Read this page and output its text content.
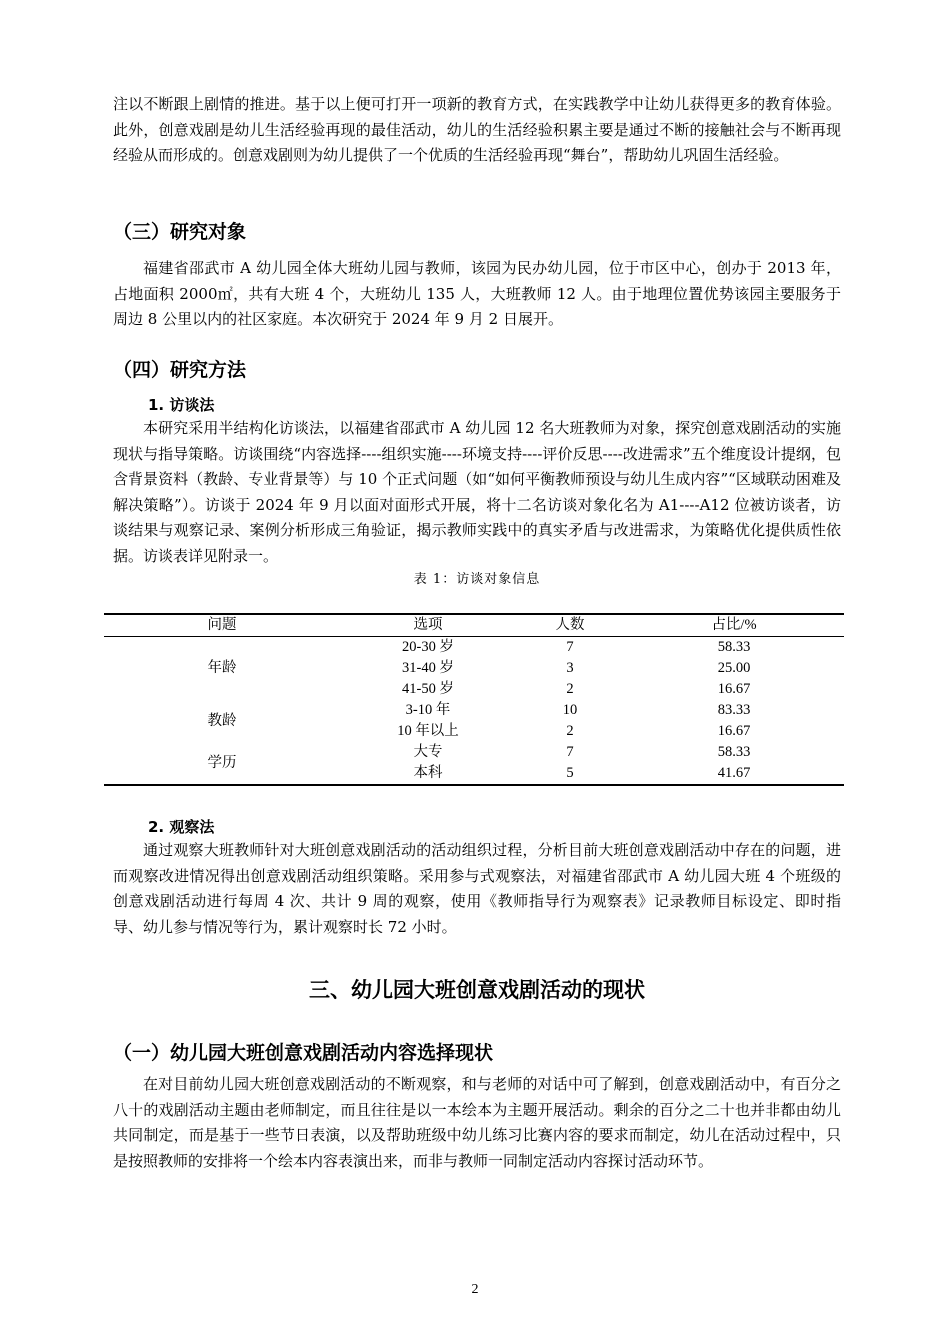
注以不断跟上剧情的推进。基于以上便可打开一项新的教育方式，在实践教学中让幼儿获得更多的教育体验。此外，创意戏剧是幼儿生活经验再现的最佳活动，幼儿的生活经验积累主要是通过不断的接触社会与不断再现经验从而形成的。创意戏剧则为幼儿提供了一个优质的生活经验再现“舞台”，帮助幼儿巩固生活经验。

（三）研究对象

福建省邵武市 A 幼儿园全体大班幼儿园与教师，该园为民办幼儿园，位于市区中心，创办于 2013 年，占地面积 2000㎡，共有大班 4 个，大班幼儿 135 人，大班教师 12 人。由于地理位置优势该园主要服务于周边 8 公里以内的社区家庭。本次研究于 2024 年 9 月 2 日展开。

（四）研究方法
1. 访谈法

本研究采用半结构化访谈法，以福建省邵武市 A 幼儿园 12 名大班教师为对象，探究创意戏剧活动的实施现状与指导策略。访谈围绕“内容选择----组织实施----环境支持----评价反思----改进需求”五个维度设计提纲，包含背景资料（教龄、专业背景等）与 10 个正式问题（如“如何平衡教师预设与幼儿生成内容”“区域联动困难及解决策略”）。访谈于 2024 年 9 月以面对面形式开展，将十二名访谈对象化名为 A1----A12 位被访谈者，访谈结果与观察记录、案例分析形成三角验证，揭示教师实践中的真实矛盾与改进需求，为策略优化提供质性依据。访谈表详见附录一。

表 1：访谈对象信息
问题	选项	人数	占比/%
年龄	20-30 岁	7	58.33
	31-40 岁	3	25.00
	41-50 岁	2	16.67
教龄	3-10 年	10	83.33
	10 年以上	2	16.67
学历	大专	7	58.33
	本科	5	41.67
2. 观察法

通过观察大班教师针对大班创意戏剧活动的活动组织过程，分析目前大班创意戏剧活动中存在的问题，进而观察改进情况得出创意戏剧活动组织策略。采用参与式观察法，对福建省邵武市 A 幼儿园大班 4 个班级的创意戏剧活动进行每周 4 次、共计 9 周的观察，使用《教师指导行为观察表》记录教师目标设定、即时指导、幼儿参与情况等行为，累计观察时长 72 小时。

三、幼儿园大班创意戏剧活动的现状
（一）幼儿园大班创意戏剧活动内容选择现状

在对目前幼儿园大班创意戏剧活动的不断观察，和与老师的对话中可了解到，创意戏剧活动中，有百分之八十的戏剧活动主题由老师制定，而且往往是以一本绘本为主题开展活动。剩余的百分之二十也并非都由幼儿共同制定，而是基于一些节日表演，以及帮助班级中幼儿练习比赛内容的要求而制定，幼儿在活动过程中，只是按照教师的安排将一个绘本内容表演出来，而非与教师一同制定活动内容探讨活动环节。

2
